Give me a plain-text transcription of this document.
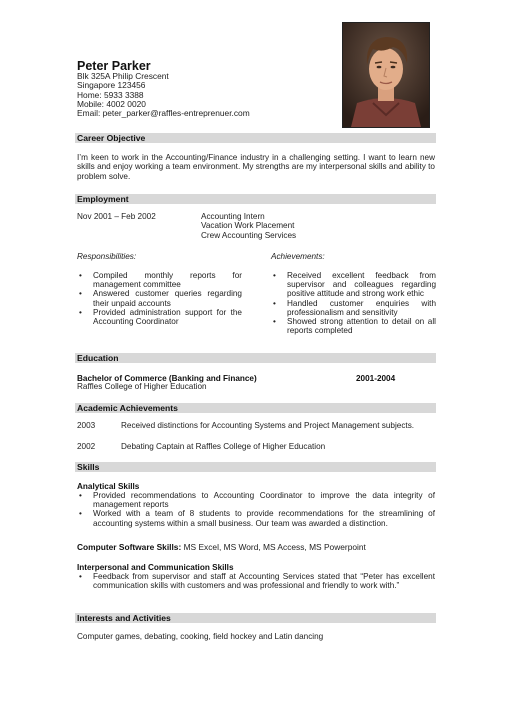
Peter Parker
Blk 325A Philip Crescent
Singapore 123456
Home: 5933 3388
Mobile: 4002 0020
Email: peter_parker@raffles-entreprenuer.com
Career Objective
I’m keen to work in the Accounting/Finance industry in a challenging setting. I want to learn new skills and enjoy working a team environment. My strengths are my interpersonal skills and ability to problem solve.
Employment
Nov 2001 – Feb 2002	Accounting Intern
Vacation Work Placement
Crew Accounting Services
Responsibilities:	Achievements:
• Compiled monthly reports for management committee
• Answered customer queries regarding their unpaid accounts
• Provided administration support for the Accounting Coordinator
• Received excellent feedback from supervisor and colleagues regarding positive attitude and strong work ethic
• Handled customer enquiries with professionalism and sensitivity
• Showed strong attention to detail on all reports completed
Education
Bachelor of Commerce (Banking and Finance)	2001-2004
Raffles College of Higher Education
Academic Achievements
2003	Received distinctions for Accounting Systems and Project Management subjects.
2002	Debating Captain at Raffles College of Higher Education
Skills
Analytical Skills
• Provided recommendations to Accounting Coordinator to improve the data integrity of management reports
• Worked with a team of 8 students to provide recommendations for the streamlining of accounting systems within a small business. Our team was awarded a distinction.
Computer Software Skills: MS Excel, MS Word, MS Access, MS Powerpoint
Interpersonal and Communication Skills
• Feedback from supervisor and staff at Accounting Services stated that “Peter has excellent communication skills with customers and was professional and friendly to work with.”
Interests and Activities
Computer games, debating, cooking, field hockey and Latin dancing
